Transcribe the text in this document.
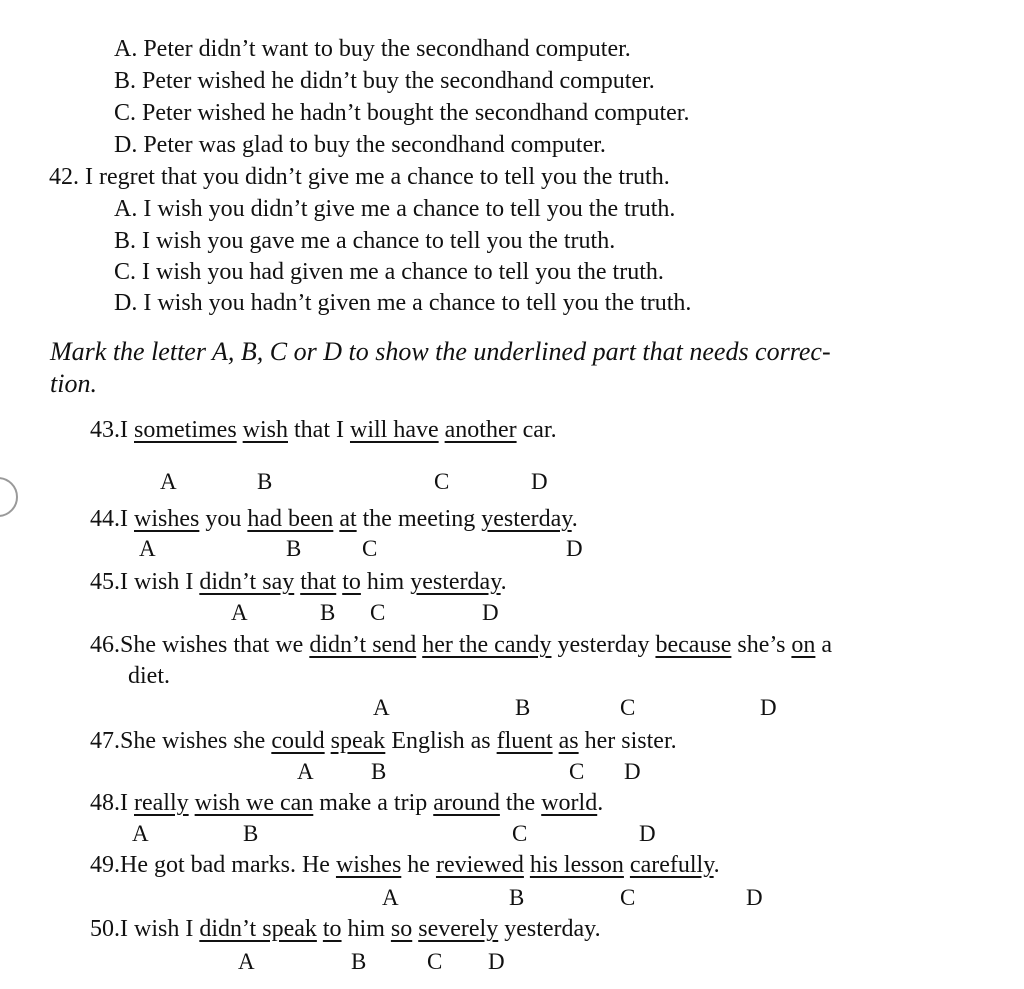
A. Peter didn’t want to buy the secondhand computer.
B. Peter wished he didn’t buy the secondhand computer.
C. Peter wished he hadn’t bought the secondhand computer.
D. Peter was glad to buy the secondhand computer.
42. I regret that you didn’t give me a chance to tell you the truth.
A. I wish you didn’t give me a chance to tell you the truth.
B. I wish you gave me a chance to tell you the truth.
C. I wish you had given me a chance to tell you the truth.
D. I wish you hadn’t given me a chance to tell you the truth.
Mark the letter A, B, C or D to show the underlined part that needs correc-
tion.
43.I sometimes wish that I will have another car.
A	B	C	D
44.I wishes you had been at the meeting yesterday.
A	B	C	D
45.I wish I didn’t say that to him yesterday.
A	B C	D
46.She wishes that we didn’t send her the candy yesterday because she’s on a
diet.
A	B	C	D
47.She wishes she could speak English as fluent as her sister.
A B	C D
48.I really wish we can make a trip around the world.
A	B	C	D
49.He got bad marks. He wishes he reviewed his lesson carefully.
A	B	C	D
50.I wish I didn’t speak to him so severely yesterday.
A	B	C D
